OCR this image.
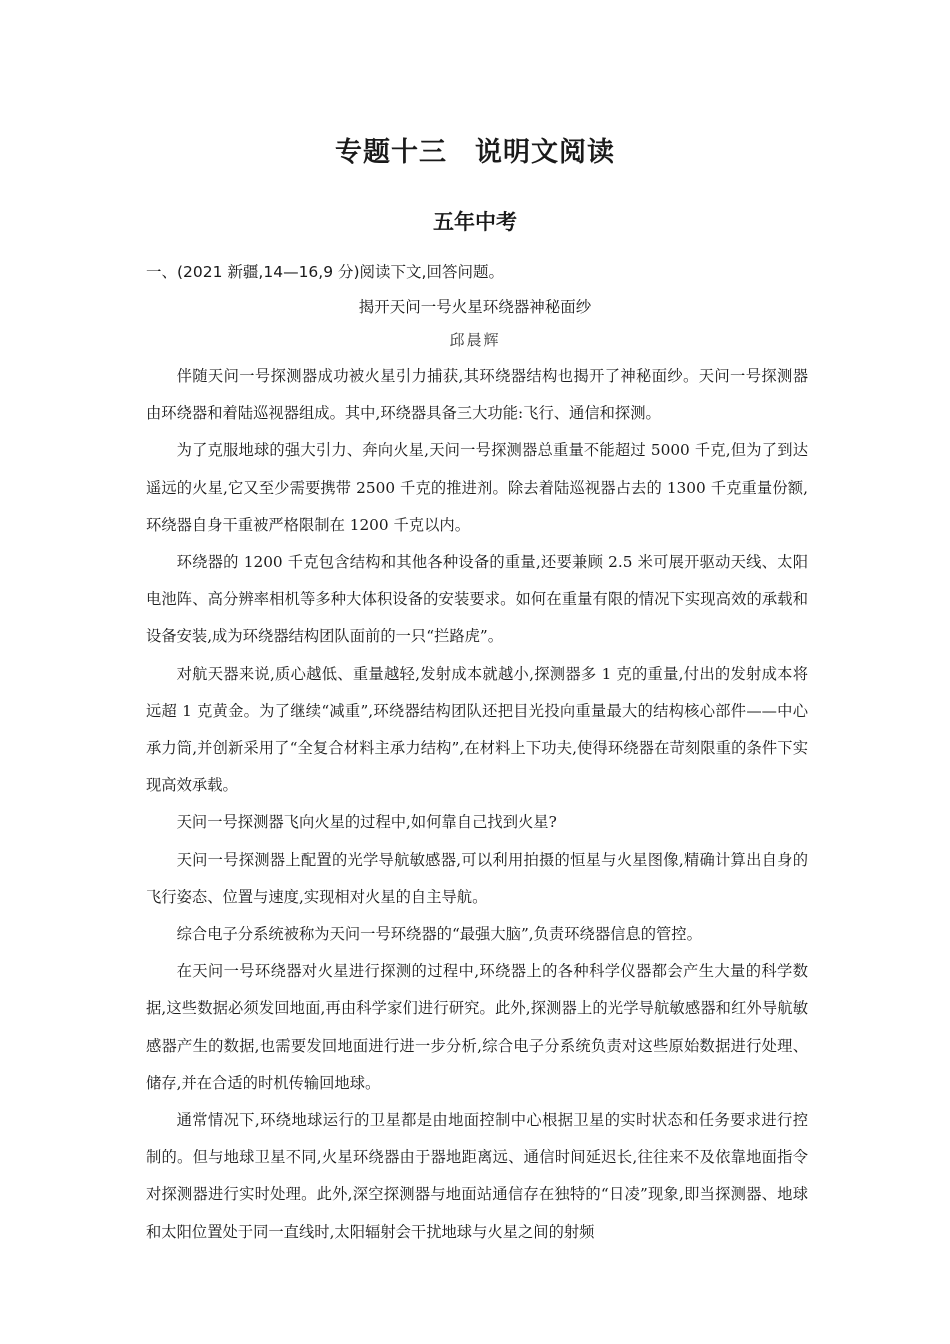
专题十三　说明文阅读
五年中考
一、(2021 新疆,14—16,9 分)阅读下文,回答问题。
揭开天问一号火星环绕器神秘面纱
邱晨辉

伴随天问一号探测器成功被火星引力捕获,其环绕器结构也揭开了神秘面纱。天问一号探测器由环绕器和着陆巡视器组成。其中,环绕器具备三大功能:飞行、通信和探测。

为了克服地球的强大引力、奔向火星,天问一号探测器总重量不能超过 5000 千克,但为了到达遥远的火星,它又至少需要携带 2500 千克的推进剂。除去着陆巡视器占去的 1300 千克重量份额,环绕器自身干重被严格限制在 1200 千克以内。

环绕器的 1200 千克包含结构和其他各种设备的重量,还要兼顾 2.5 米可展开驱动天线、太阳电池阵、高分辨率相机等多种大体积设备的安装要求。如何在重量有限的情况下实现高效的承载和设备安装,成为环绕器结构团队面前的一只“拦路虎”。

对航天器来说,质心越低、重量越轻,发射成本就越小,探测器多 1 克的重量,付出的发射成本将远超 1 克黄金。为了继续“减重”,环绕器结构团队还把目光投向重量最大的结构核心部件——中心承力筒,并创新采用了“全复合材料主承力结构”,在材料上下功夫,使得环绕器在苛刻限重的条件下实现高效承载。

天问一号探测器飞向火星的过程中,如何靠自己找到火星?

天问一号探测器上配置的光学导航敏感器,可以利用拍摄的恒星与火星图像,精确计算出自身的飞行姿态、位置与速度,实现相对火星的自主导航。

综合电子分系统被称为天问一号环绕器的“最强大脑”,负责环绕器信息的管控。

在天问一号环绕器对火星进行探测的过程中,环绕器上的各种科学仪器都会产生大量的科学数据,这些数据必须发回地面,再由科学家们进行研究。此外,探测器上的光学导航敏感器和红外导航敏感器产生的数据,也需要发回地面进行进一步分析,综合电子分系统负责对这些原始数据进行处理、储存,并在合适的时机传输回地球。

通常情况下,环绕地球运行的卫星都是由地面控制中心根据卫星的实时状态和任务要求进行控制的。但与地球卫星不同,火星环绕器由于器地距离远、通信时间延迟长,往往来不及依靠地面指令对探测器进行实时处理。此外,深空探测器与地面站通信存在独特的“日凌”现象,即当探测器、地球和太阳位置处于同一直线时,太阳辐射会干扰地球与火星之间的射频
